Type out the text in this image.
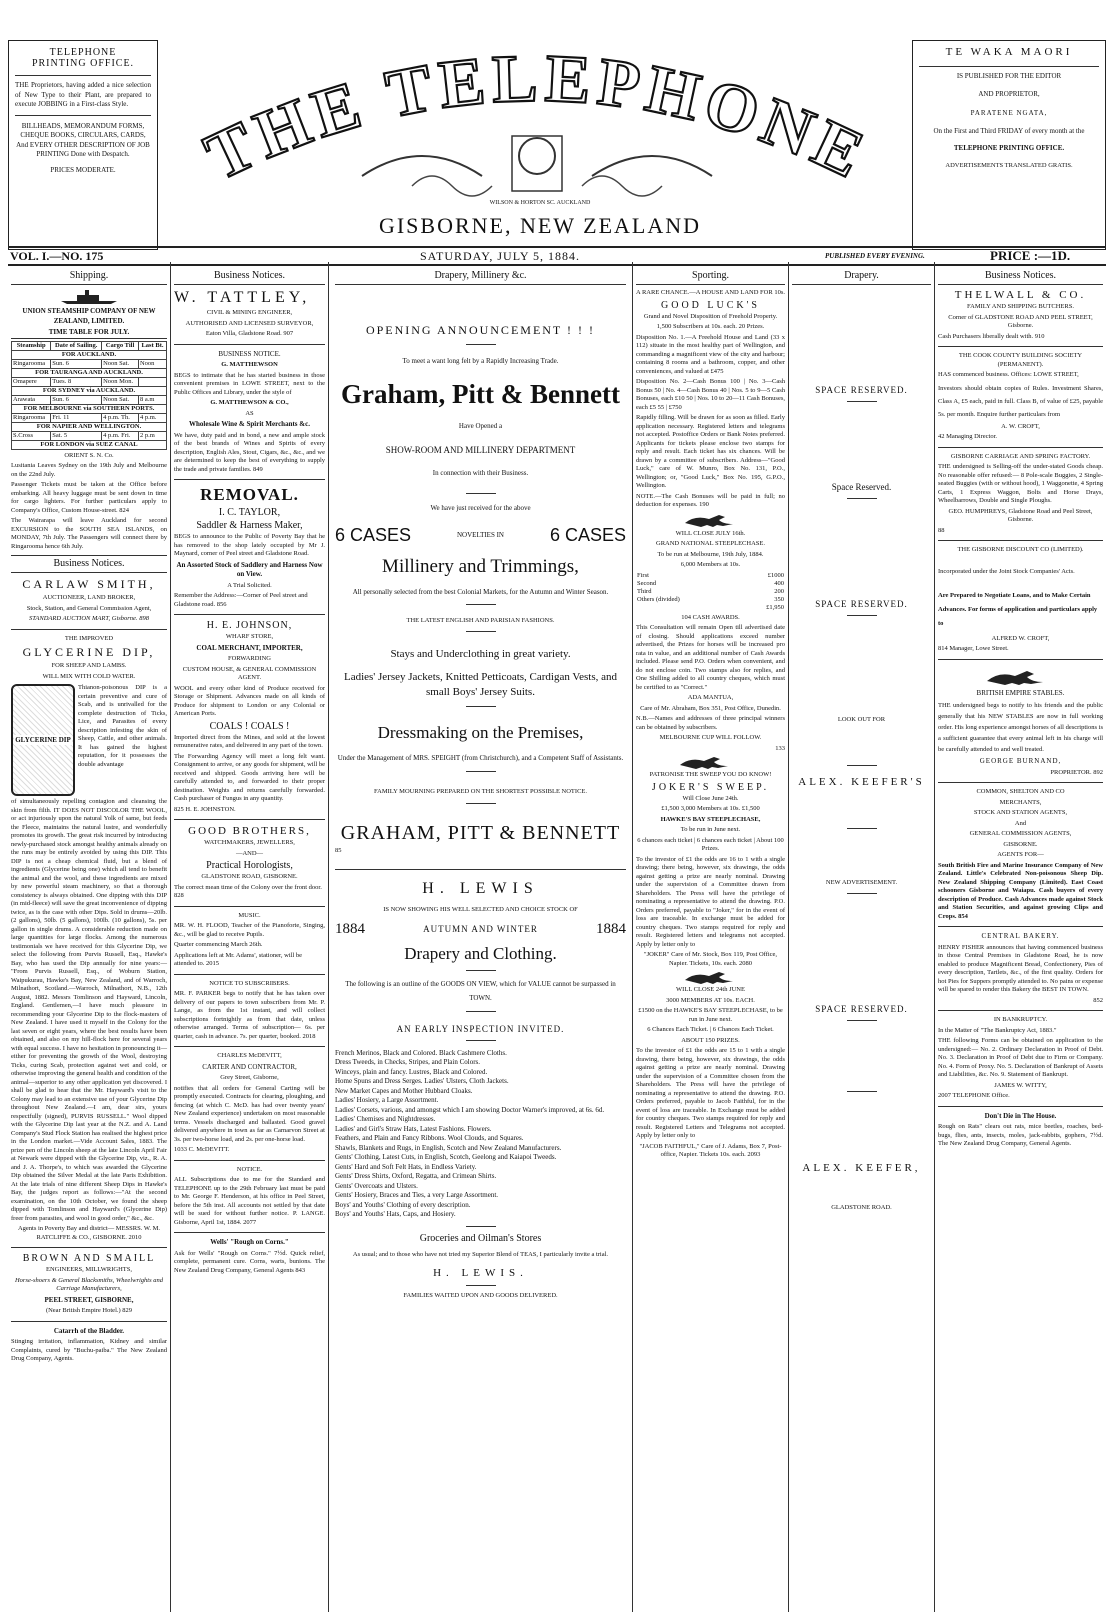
TELEPHONE
PRINTING OFFICE.

THE Proprietors, having added a nice selection of New Type to their Plant, are prepared to execute JOBBING in a First-class Style.

BILLHEADS, MEMORANDUM FORMS, CHEQUE BOOKS, CIRCULARS, CARDS, And EVERY OTHER DESCRIPTION OF JOB PRINTING Done with Despatch.

PRICES MODERATE.	THE TELEPHONE
WILSON & HORTON SC. AUCKLAND
GISBORNE, NEW ZEALAND
TE WAKA MAORI

IS PUBLISHED FOR THE EDITOR

AND PROPRIETOR,

PARATENE NGATA,

On the First and Third FRIDAY of every month at the

TELEPHONE PRINTING OFFICE.

ADVERTISEMENTS TRANSLATED GRATIS.

VOL. I.—NO. 175	SATURDAY, JULY 5, 1884.	PUBLISHED EVERY EVENING.	PRICE :—1D.
Shipping.

UNION STEAMSHIP COMPANY OF NEW ZEALAND, LIMITED.

TIME TABLE FOR JULY.

Steamship	Date of Sailing.	Cargo Till	Last Bt.
FOR AUCKLAND.			
Ringarooma	Sun. 6	Noon Sat.	Noon
FOR TAURANGA AND AUCKLAND.			
Omapere	Tues. 8	Noon Mon.	
FOR SYDNEY via AUCKLAND.			
Arawata	Sun. 6	Noon Sat.	8 a.m
FOR MELBOURNE via SOUTHERN PORTS.			
Ringarooma	Fri. 11	4 p.m. Th.	4 p.m.
FOR NAPIER AND WELLINGTON.			
S.Cross	Sat. 5	4 p.m. Fri.	2 p.m
FOR LONDON via SUEZ CANAL			

ORIENT S. N. Co.

Lusitania Leaves Sydney on the 19th July and Melbourne on the 22nd July.

Passenger Tickets must be taken at the Office before embarking. All heavy luggage must be sent down in time for cargo lighters. For further particulars apply to Company's Office, Custom House-street. 824

The Wairarapa will leave Auckland for second EXCURSION to the SOUTH SEA ISLANDS, on MONDAY, 7th July. The Passengers will connect there by Ringarooma hence 6th July.

Business Notices.
CARLAW SMITH,

AUCTIONEER, LAND BROKER,

Stock, Station, and General Commission Agent,

STANDARD AUCTION MART, Gisborne. 898

THE IMPROVED

GLYCERINE DIP,

FOR SHEEP AND LAMBS.

WILL MIX WITH COLD WATER.

GLYCERINE DIP

Thianon-poisonous DIP is a certain preventive and cure of Scab, and is unrivalled for the complete destruction of Ticks, Lice, and Parasites of every description infesting the skin of Sheep, Cattle, and other animals. It has gained the highest reputation, for it possesses the double advantage

of simultaneously repelling contagion and cleansing the skin from filth. IT DOES NOT DISCOLOR THE WOOL, or act injuriously upon the natural Yolk of same, but feeds the Fleece, maintains the natural lustre, and wonderfully promotes its growth. The great risk incurred by introducing newly-purchased stock amongst healthy animals already on the runs may be entirely avoided by using this DIP. This DIP is not a cheap chemical fluid, but a blend of ingredients (Glycerine being one) which all tend to benefit the animal and the wool, and these ingredients are mixed by new powerful steam machinery, so that a thorough consistency is always obtained. One dipping with this DIP (in mid-fleece) will save the great inconvenience of dipping twice, as is the case with other Dips. Sold in drums—20lb. (2 gallons), 50lb. (5 gallons), 100lb. (10 gallons), 5s. per gallon in single drums. A considerable reduction made on large quantities for large flocks. Among the numerous testimonials we have received for this Glycerine Dip, we select the following from Purvis Russell, Esq., Hawke's Bay, who has used the Dip annually for nine years:— "From Purvis Russell, Esq., of Woburn Station, Waipukurau, Hawke's Bay, New Zealand, and of Warroch, Milnathort, Scotland.—Warroch, Milnathort, N.B., 12th August, 1882. Messrs Tomlinson and Hayward, Lincoln, England. Gentlemen,—I have much pleasure in recommending your Glycerine Dip to the flock-masters of New Zealand. I have used it myself in the Colony for the last seven or eight years, where the best results have been obtained, and also on my hill-flock here for several years with equal success. I have no hesitation in pronouncing it—either for preventing the growth of the Wool, destroying Ticks, curing Scab, protection against wet and cold, or otherwise improving the general health and condition of the animal—superior to any other application yet discovered. I shall be glad to hear that the Mr. Hayward's visit to the Colony may lead to an extensive use of your Glycerine Dip throughout New Zealand.—I am, dear sirs, yours respectfully (signed), PURVIS RUSSELL." Wool dipped with the Glycerine Dip last year at the N.Z. and A. Land Company's Stud Flock Station has realised the highest price in the London market.—Vide Account Sales, 1883. The prize pen of the Lincoln sheep at the late Lincoln April Fair at Newark were dipped with the Glycerine Dip, viz., R. A. and J. A. Thorpe's, to which was awarded the Glycerine Dip obtained the Silver Medal at the late Paris Exhibition. At the late trials of nine different Sheep Dips in Hawke's Bay, the judges report as follows:—"At the second examination, on the 10th October, we found the sheep dipped with Tomlinson and Hayward's (Glycerine Dip) freer from parasites, and wool in good order," &c., &c.

Agents in Poverty Bay and district— MESSRS. W. M. RATCLIFFE & CO., GISBORNE. 2010

BROWN AND SMAILL

ENGINEERS, MILLWRIGHTS,

Horse-shoers & General Blacksmiths, Wheelwrights and Carriage Manufacturers,

PEEL STREET, GISBORNE,

(Near British Empire Hotel.) 829

Catarrh of the Bladder.

Stinging irritation, inflammation, Kidney and similar Complaints, cured by "Buchu-paiba." The New Zealand Drug Company, Agents.

Business Notices.
W. TATTLEY,

CIVIL & MINING ENGINEER,

AUTHORISED AND LICENSED SURVEYOR,

Eaton Villa, Gladstone Road. 907

BUSINESS NOTICE.

G. MATTHEWSON

BEGS to intimate that he has started business in those convenient premises in LOWE STREET, next to the Public Offices and Library, under the style of

G. MATTHEWSON & CO.,

AS

Wholesale Wine & Spirit Merchants &c.

We have, duty paid and in bond, a new and ample stock of the best brands of Wines and Spirits of every description, English Ales, Stout, Cigars, &c., &c., and we are determined to keep the best of everything to supply the trade and private families. 849

REMOVAL.

I. C. TAYLOR,

Saddler & Harness Maker,

BEGS to announce to the Public of Poverty Bay that he has removed to the shop lately occupied by Mr J. Maynard, corner of Peel street and Gladstone Road.

An Assorted Stock of Saddlery and Harness Now on View.

A Trial Solicited.

Remember the Address:—Corner of Peel street and Gladstone road. 856

H. E. JOHNSON,

WHARF STORE,

COAL MERCHANT, IMPORTER,

FORWARDING

CUSTOM HOUSE, & GENERAL COMMISSION AGENT.

WOOL and every other kind of Produce received for Storage or Shipment. Advances made on all kinds of Produce for shipment to London or any Colonial or American Ports.

COALS ! COALS !

Imported direct from the Mines, and sold at the lowest remunerative rates, and delivered in any part of the town.

The Forwarding Agency will meet a long felt want. Consignment to arrive, or any goods for shipment, will be received and shipped. Goods arriving here will be carefully attended to, and forwarded to their proper destination. Weights and returns carefully forwarded. Cash purchaser of Fungus in any quantity.

825 H. E. JOHNSTON.

GOOD BROTHERS,

WATCHMAKERS, JEWELLERS,

—AND—

Practical Horologists,

GLADSTONE ROAD, GISBORNE.

The correct mean time of the Colony over the front door. 828

MUSIC.

MR. W. H. FLOOD, Teacher of the Pianoforte, Singing, &c., will be glad to receive Pupils.

Quarter commencing March 26th.

Applications left at Mr. Adams', stationer, will be attended to. 2015

NOTICE TO SUBSCRIBERS.

MR. F. PARKER begs to notify that he has taken over delivery of our papers to town subscribers from Mr. P. Lange, as from the 1st instant, and will collect subscriptions fortnightly as from that date, unless otherwise arranged. Terms of subscription— 6s. per quarter, cash in advance. 7s. per quarter, booked. 2018

CHARLES McDEVITT,

CARTER AND CONTRACTOR,

Grey Street, Gisborne,

notifies that all orders for General Carting will be promptly executed. Contracts for clearing, ploughing, and fencing (at which C. McD. has had over twenty years' New Zealand experience) undertaken on most reasonable terms. Vessels discharged and ballasted. Good gravel delivered anywhere in town as far as Carnarvon Street at 3s. per two-horse load, and 2s. per one-horse load.

1033 C. McDEVITT.

NOTICE.

ALL Subscriptions due to me for the Standard and TELEPHONE up to the 29th February last must be paid to Mr. George F. Henderson, at his office in Peel Street, before the 5th inst. All accounts not settled by that date will be sued for without further notice. P. LANGE. Gisborne, April 1st, 1884. 2077

Wells' "Rough on Corns."

Ask for Wells' "Rough on Corns." 7½d. Quick relief, complete, permanent cure. Corns, warts, bunions. The New Zealand Drug Company, General Agents 843

Drapery, Millinery &c.

OPENING ANNOUNCEMENT ! ! !

To meet a want long felt by a Rapidly Increasing Trade.

Graham, Pitt & Bennett

Have Opened a

SHOW-ROOM AND MILLINERY DEPARTMENT

In connection with their Business.

We have just received for the above

6 CASES	NOVELTIES IN	6 CASES

Millinery and Trimmings,

All personally selected from the best Colonial Markets, for the Autumn and Winter Season.

THE LATEST ENGLISH AND PARISIAN FASHIONS.

Stays and Underclothing in great variety.

Ladies' Jersey Jackets, Knitted Petticoats, Cardigan Vests, and small Boys' Jersey Suits.

Dressmaking on the Premises,

Under the Management of MRS. SPEIGHT (from Christchurch), and a Competent Staff of Assistants.

FAMILY MOURNING PREPARED ON THE SHORTEST POSSIBLE NOTICE.

GRAHAM, PITT & BENNETT

85

H. LEWIS

IS NOW SHOWING HIS WELL SELECTED AND CHOICE STOCK OF

1884	AUTUMN AND WINTER	1884

Drapery and Clothing.

The following is an outline of the GOODS ON VIEW, which for VALUE cannot be surpassed in TOWN.

AN EARLY INSPECTION INVITED.

French Merinos, Black and Colored. Black Cashmere Cloths.

Dress Tweeds, in Checks, Stripes, and Plain Colors.

Winceys, plain and fancy. Lustres, Black and Colored.

Home Spuns and Dress Serges. Ladies' Ulsters, Cloth Jackets.

New Market Capes and Mother Hubbard Cloaks.

Ladies' Hosiery, a Large Assortment.

Ladies' Corsets, various, and amongst which I am showing Doctor Warner's improved, at 6s. 6d.

Ladies' Chemises and Nightdresses.

Ladies' and Girl's Straw Hats, Latest Fashions. Flowers.

Feathers, and Plain and Fancy Ribbons. Wool Clouds, and Squares.

Shawls, Blankets and Rugs, in English, Scotch and New Zealand Manufacturers.

Gents' Clothing, Latest Cuts, in English, Scotch, Geelong and Kaiapoi Tweeds.

Gents' Hard and Soft Felt Hats, in Endless Variety.

Gents' Dress Shirts, Oxford, Regatta, and Crimean Shirts.

Gents' Overcoats and Ulsters.

Gents' Hosiery, Braces and Ties, a very Large Assortment.

Boys' and Youths' Clothing of every description.

Boys' and Youths' Hats, Caps, and Hosiery.

Groceries and Oilman's Stores

As usual; and to those who have not tried my Superior Blend of TEAS, I particularly invite a trial.

H. LEWIS.

FAMILIES WAITED UPON AND GOODS DELIVERED.

Sporting.

A RARE CHANCE.—A HOUSE AND LAND FOR 10s.

GOOD LUCK'S

Grand and Novel Disposition of Freehold Property.

1,500 Subscribers at 10s. each. 20 Prizes.

Disposition No. 1.—A Freehold House and Land (33 x 112) situate in the most healthy part of Wellington, and commanding a magnificent view of the city and harbour; containing 8 rooms and a bathroom, copper, and other conveniences, and valued at £475

Disposition No. 2—Cash Bonus 100 | No. 3—Cash Bonus 50 | No. 4—Cash Bonus 40 | Nos. 5 to 9—5 Cash Bonuses, each £10 50 | Nos. 10 to 20—11 Cash Bonuses, each £5 55 | £750

Rapidly filling. Will be drawn for as soon as filled. Early application necessary. Registered letters and telegrams not accepted. Postoffice Orders or Bank Notes preferred. Applicants for tickets please enclose two stamps for reply and result. Each ticket has six chances. Will be drawn by a committee of subscribers. Address—"Good Luck," care of W. Munro, Box No. 131, P.O., Wellington; or, "Good Luck," Box No. 195, G.P.O., Wellington.

NOTE.—The Cash Bonuses will be paid in full; no deduction for expenses. 190

WILL CLOSE JULY 16th.

GRAND NATIONAL STEEPLECHASE.

To be run at Melbourne, 19th July, 1884.

6,000 Members at 10s.

First	£1000
Second	400
Third	200
Others (divided)	350
	£1,950

104 CASH AWARDS.

This Consultation will remain Open till advertised date of closing. Should applications exceed number advertised, the Prizes for horses will be increased pro rata in value, and an additional number of Cash Awards included. Please send P.O. Orders when convenient, and do not enclose coin. Two stamps also for replies, and One Shilling added to all country cheques, which must be certified to as "Correct."

ADA MANTUA,

Care of Mr. Abraham, Box 351, Post Office, Dunedin.

N.B.—Names and addresses of three principal winners can be obtained by subscribers.

MELBOURNE CUP WILL FOLLOW.

133

PATRONISE THE SWEEP YOU DO KNOW!

JOKER'S SWEEP.

Will Close June 24th.

£1,500 3,000 Members at 10s. £1,500

HAWKE'S BAY STEEPLECHASE,

To be run in June next.

6 chances each ticket | 6 chances each ticket | About 100 Prizes.

To the investor of £1 the odds are 16 to 1 with a single drawing; there being, however, six drawings, the odds against getting a prize are nearly nominal. Drawing under the supervision of a Committee drawn from Shareholders. The Press will have the privilege of nominating a representative to attend the drawing. P.O. Orders preferred, payable to "Joker," for in the event of loss are traceable. In exchange must be added for country cheques. Two stamps required for reply and result. Registered letters and telegrams not accepted. Apply by letter only to

"JOKER" Care of Mr. Stock, Box 119, Post Office, Napier. Tickets, 10s. each. 2080

WILL CLOSE 24th JUNE

3000 MEMBERS AT 10s. EACH.

£1500 on the HAWKE'S BAY STEEPLECHASE, to be run in June next.

6 Chances Each Ticket. | 6 Chances Each Ticket.

ABOUT 150 PRIZES.

To the investor of £1 the odds are 15 to 1 with a single drawing, there being, however, six drawings, the odds against getting a prize are nearly nominal. Drawing under the supervision of a Committee chosen from the Shareholders. The Press will have the privilege of nominating a representative to attend the drawing. P.O. Orders preferred, payable to Jacob Faithful, for in the event of loss are traceable. In Exchange must be added for country cheques. Two stamps required for reply and result. Registered Letters and Telegrams not accepted. Apply by letter only to

"JACOB FAITHFUL," Care of J. Adams, Box 7, Post-office, Napier. Tickets 10s. each. 2093

Drapery.

SPACE RESERVED.

Space Reserved.

SPACE RESERVED.

LOOK OUT FOR

ALEX. KEEFER'S

NEW ADVERTISEMENT.

SPACE RESERVED.

ALEX. KEEFER,

GLADSTONE ROAD.

Business Notices.
THELWALL & CO.

FAMILY AND SHIPPING BUTCHERS.

Corner of GLADSTONE ROAD AND PEEL STREET, Gisborne.

Cash Purchasers liberally dealt with. 910

THE COOK COUNTY BUILDING SOCIETY (PERMANENT).

HAS commenced business. Offices: LOWE STREET,

Investors should obtain copies of Rules. Investment Shares, Class A, £5 each, paid in full. Class B, of value of £25, payable 5s. per month. Enquire further particulars from

A. W. CROFT,

42 Managing Director.

GISBORNE CARRIAGE AND SPRING FACTORY.

THE undersigned is Selling-off the under-stated Goods cheap. No reasonable offer refused:— 8 Pole-scale Buggies, 2 Single-seated Buggies (with or without hood), 1 Waggonette, 4 Spring Carts, 1 Express Waggon, Bolts and Horse Drays, Wheelbarrows, Double and Single Ploughs.

GEO. HUMPHREYS, Gladstone Road and Peel Street, Gisborne.

88

THE GISBORNE DISCOUNT CO (LIMITED).

Incorporated under the Joint Stock Companies' Acts.

Are Prepared to Negotiate Loans, and to Make Certain Advances. For forms of application and particulars apply to

ALFRED W. CROFT,

814 Manager, Lowe Street.

BRITISH EMPIRE STABLES.

THE undersigned begs to notify to his friends and the public generally that his NEW STABLES are now in full working order. His long experience amongst horses of all descriptions is a sufficient guarantee that every animal left in his charge will be carefully attended to and well treated.

GEORGE BURNAND,

PROPRIETOR. 892

COMMON, SHELTON AND CO

MERCHANTS,

STOCK AND STATION AGENTS,

And

GENERAL COMMISSION AGENTS,

GISBORNE.

AGENTS FOR—

South British Fire and Marine Insurance Company of New Zealand. Little's Celebrated Non-poisonous Sheep Dip. New Zealand Shipping Company (Limited). East Coast schooners Gisborne and Waiapu. Cash buyers of every description of Produce. Cash Advances made against Stock and Station Securities, and against growing Clips and Crops. 854

CENTRAL BAKERY.

HENRY FISHER announces that having commenced business in those Central Premises in Gladstone Road, he is now enabled to produce Magnificent Bread, Confectionery, Pies of every description, Tartlets, &c., of the first quality. Orders for hot Pies for Suppers promptly attended to. No pains or expense will be spared to render this Bakery the BEST IN TOWN.

852

IN BANKRUPTCY.

In the Matter of "The Bankruptcy Act, 1883."

THE following Forms can be obtained on application to the undersigned:— No. 2. Ordinary Declaration in Proof of Debt. No. 3. Declaration in Proof of Debt due to Firm or Company. No. 4. Form of Proxy. No. 5. Declaration of Bankrupt of Assets and Liabilities, &c. No. 9. Statement of Bankrupt.

JAMES W. WITTY,

2007 TELEPHONE Office.

Don't Die in The House.

Rough on Rats" clears out rats, mice beetles, roaches, bed-bugs, flies, ants, insects, moles, jack-rabbits, gophers, 7½d. The New Zealand Drug Company, General Agents.
